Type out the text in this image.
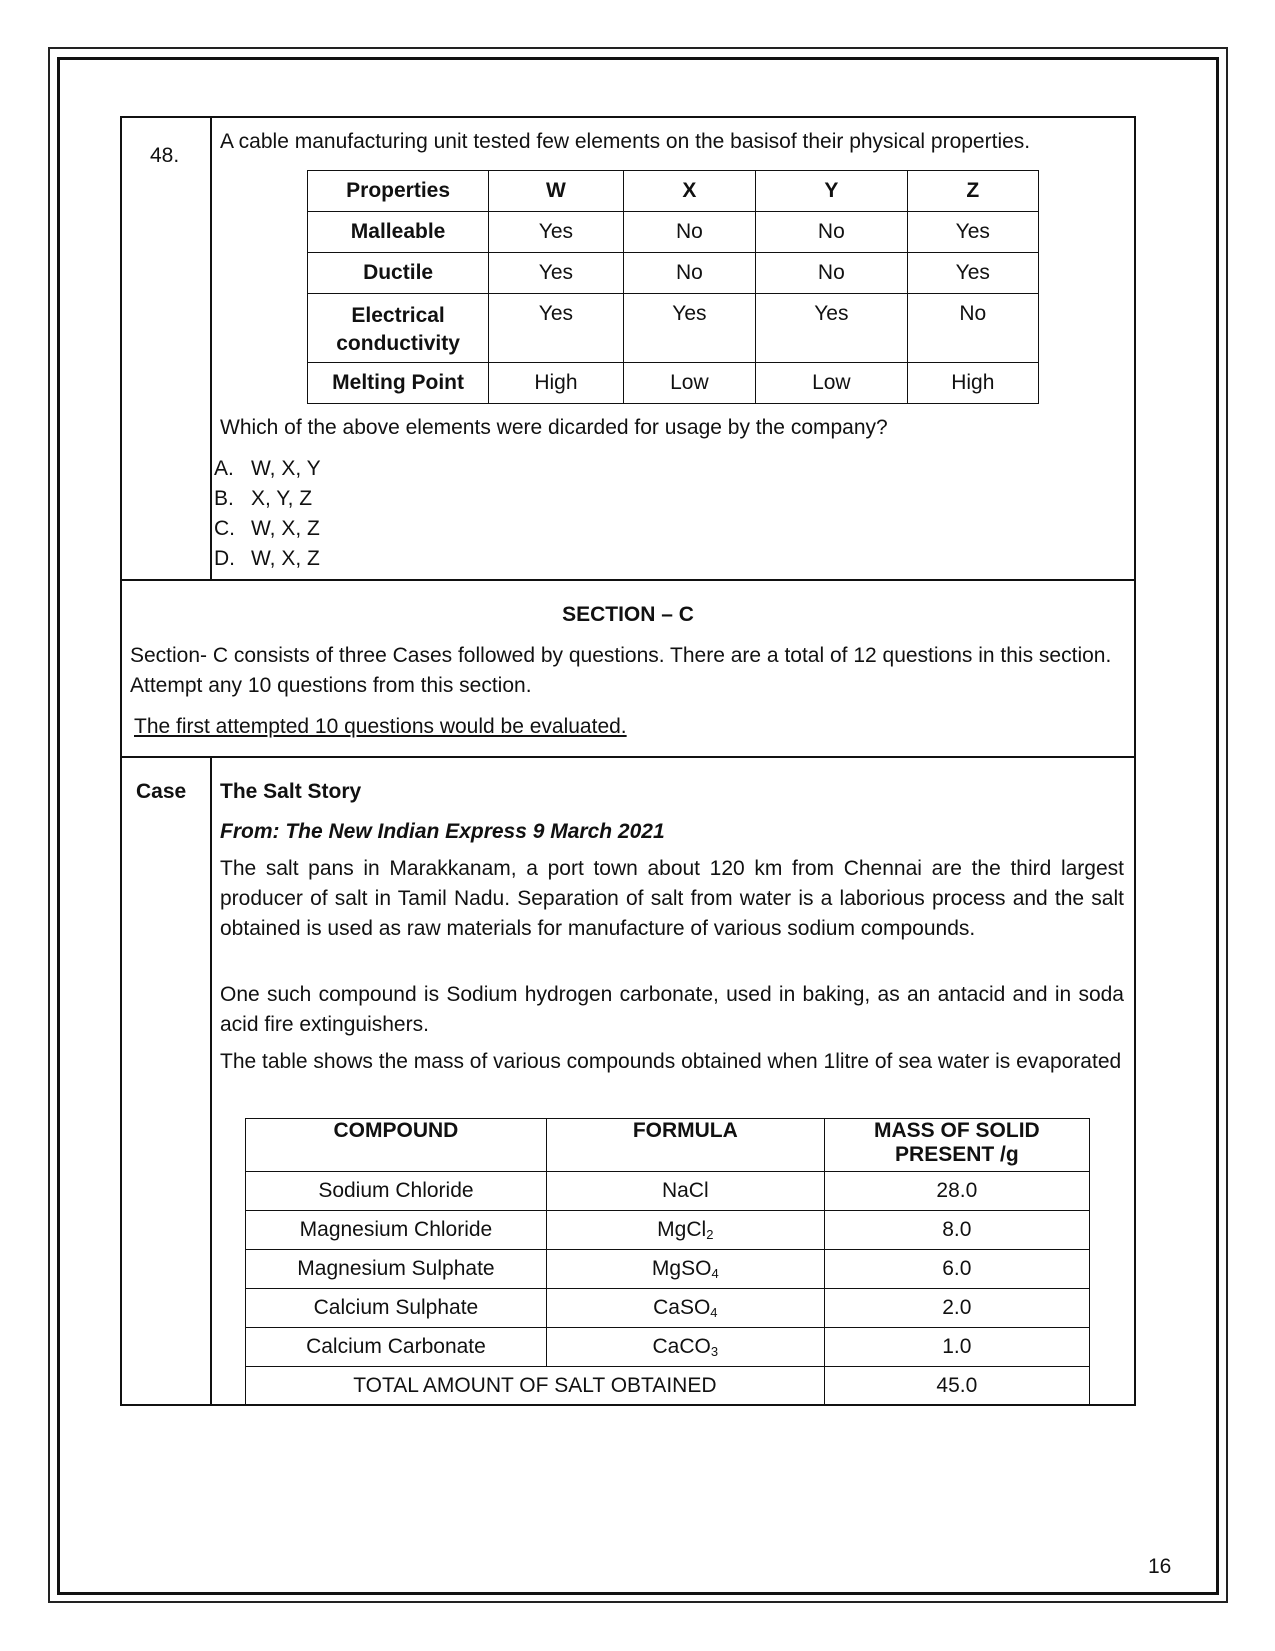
48.
A cable manufacturing unit tested few elements on the basisof their physical properties.
Properties	W	X	Y	Z
Malleable	Yes	No	No	Yes
Ductile	Yes	No	No	Yes
Electrical conductivity	Yes	Yes	Yes	No
Melting Point	High	Low	Low	High
Which of the above elements were dicarded for usage by the company?
A. W, X, Y
B. X, Y, Z
C. W, X, Z
D. W, X, Z
SECTION – C
Section- C consists of three Cases followed by questions. There are a total of 12 questions in this section. Attempt any 10 questions from this section.
The first attempted 10 questions would be evaluated.
Case The Salt Story
From: The New Indian Express 9 March 2021
The salt pans in Marakkanam, a port town about 120 km from Chennai are the third largest producer of salt in Tamil Nadu. Separation of salt from water is a laborious process and the salt obtained is used as raw materials for manufacture of various sodium compounds.
One such compound is Sodium hydrogen carbonate, used in baking, as an antacid and in soda acid fire extinguishers.
The table shows the mass of various compounds obtained when 1litre of sea water is evaporated
COMPOUND	FORMULA	MASS OF SOLID PRESENT /g
Sodium Chloride	NaCl	28.0
Magnesium Chloride	MgCl$_2$	8.0
Magnesium Sulphate	MgSO$_4$	6.0
Calcium Sulphate	CaSO$_4$	2.0
Calcium Carbonate	CaCO$_3$	1.0
TOTAL AMOUNT OF SALT OBTAINED		45.0
16
